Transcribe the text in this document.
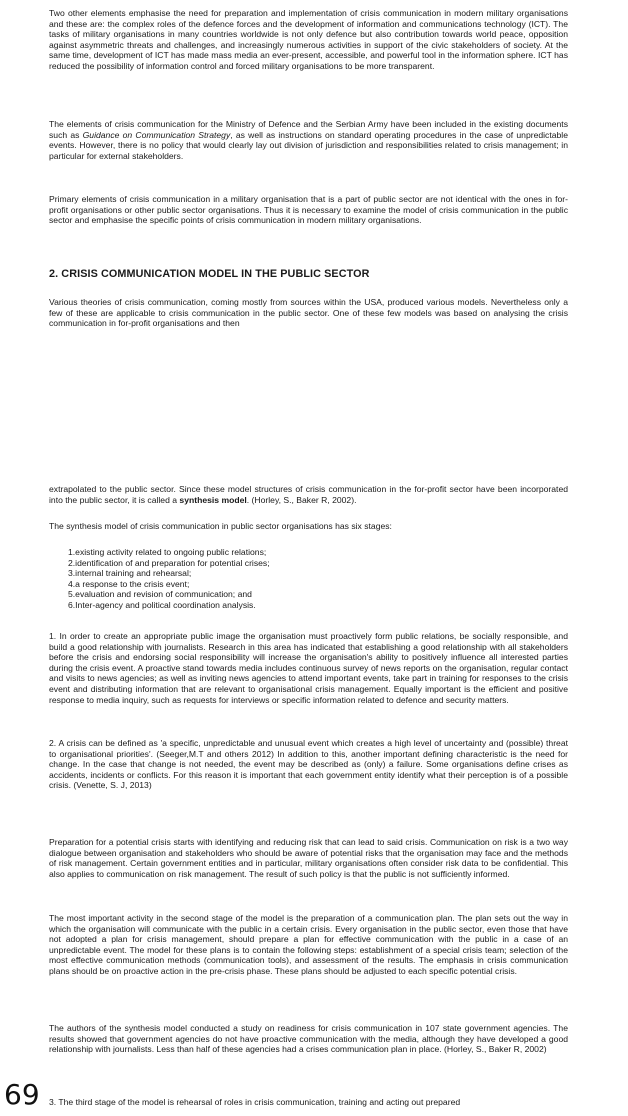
Two other elements emphasise the need for preparation and implementation of crisis communication in modern military organisations and these are: the complex roles of the defence forces and the development of information and communications technology (ICT). The tasks of military organisations in many countries worldwide is not only defence but also contribution towards world peace, opposition against asymmetric threats and challenges, and increasingly numerous activities in support of the civic stakeholders of society. At the same time, development of ICT has made mass media an ever-present, accessible, and powerful tool in the information sphere. ICT has reduced the possibility of information control and forced military organisations to be more transparent.

The elements of crisis communication for the Ministry of Defence and the Serbian Army have been included in the existing documents such as Guidance on Communication Strategy, as well as instructions on standard operating procedures in the case of unpredictable events. However, there is no policy that would clearly lay out division of jurisdiction and responsibilities related to crisis management; in particular for external stakeholders.

Primary elements of crisis communication in a military organisation that is a part of public sector are not identical with the ones in for-profit organisations or other public sector organisations. Thus it is necessary to examine the model of crisis communication in the public sector and emphasise the specific points of crisis communication in modern military organisations.

2. CRISIS COMMUNICATION MODEL IN THE PUBLIC SECTOR

Various theories of crisis communication, coming mostly from sources within the USA, produced various models. Nevertheless only a few of these are applicable to crisis communication in the public sector. One of these few models was based on analysing the crisis communication in for-profit organisations and then

extrapolated to the public sector. Since these model structures of crisis communication in the for-profit sector have been incorporated into the public sector, it is called a synthesis model. (Horley, S., Baker R, 2002).

The synthesis model of crisis communication in public sector organisations has six stages:

1.existing activity related to ongoing public relations;
2.identification of and preparation for potential crises;
3.internal training and rehearsal;
4.a response to the crisis event;
5.evaluation and revision of communication; and
6.Inter-agency and political coordination analysis.

1. In order to create an appropriate public image the organisation must proactively form public relations, be socially responsible, and build a good relationship with journalists. Research in this area has indicated that establishing a good relationship with all stakeholders before the crisis and endorsing social responsibility will increase the organisation's ability to positively influence all interested parties during the crisis event. A proactive stand towards media includes continuous survey of news reports on the organisation, regular contact and visits to news agencies; as well as inviting news agencies to attend important events, take part in training for responses to the crisis event and distributing information that are relevant to organisational crisis management. Equally important is the efficient and positive response to media inquiry, such as requests for interviews or specific information related to defence and security matters.

2. A crisis can be defined as 'a specific, unpredictable and unusual event which creates a high level of uncertainty and (possible) threat to organisational priorities'. (Seeger,M.T and others 2012) In addition to this, another important defining characteristic is the need for change. In the case that change is not needed, the event may be described as (only) a failure. Some organisations define crises as accidents, incidents or conflicts. For this reason it is important that each government entity identify what their perception is of a possible crisis. (Venette, S. J, 2013)

Preparation for a potential crisis starts with identifying and reducing risk that can lead to said crisis. Communication on risk is a two way dialogue between organisation and stakeholders who should be aware of potential risks that the organisation may face and the methods of risk management. Certain government entities and in particular, military organisations often consider risk data to be confidential. This also applies to communication on risk management. The result of such policy is that the public is not sufficiently informed.

The most important activity in the second stage of the model is the preparation of a communication plan. The plan sets out the way in which the organisation will communicate with the public in a certain crisis. Every organisation in the public sector, even those that have not adopted a plan for crisis management, should prepare a plan for effective communication with the public in a case of an unpredictable event. The model for these plans is to contain the following steps: establishment of a special crisis team; selection of the most effective communication methods (communication tools), and assessment of the results. The emphasis in crisis communication plans should be on proactive action in the pre-crisis phase. These plans should be adjusted to each specific potential crisis.

The authors of the synthesis model conducted a study on readiness for crisis communication in 107 state government agencies. The results showed that government agencies do not have proactive communication with the media, although they have developed a good relationship with journalists. Less than half of these agencies had a crises communication plan in place. (Horley, S., Baker R, 2002)

69 3. The third stage of the model is rehearsal of roles in crisis communication, training and acting out prepared
